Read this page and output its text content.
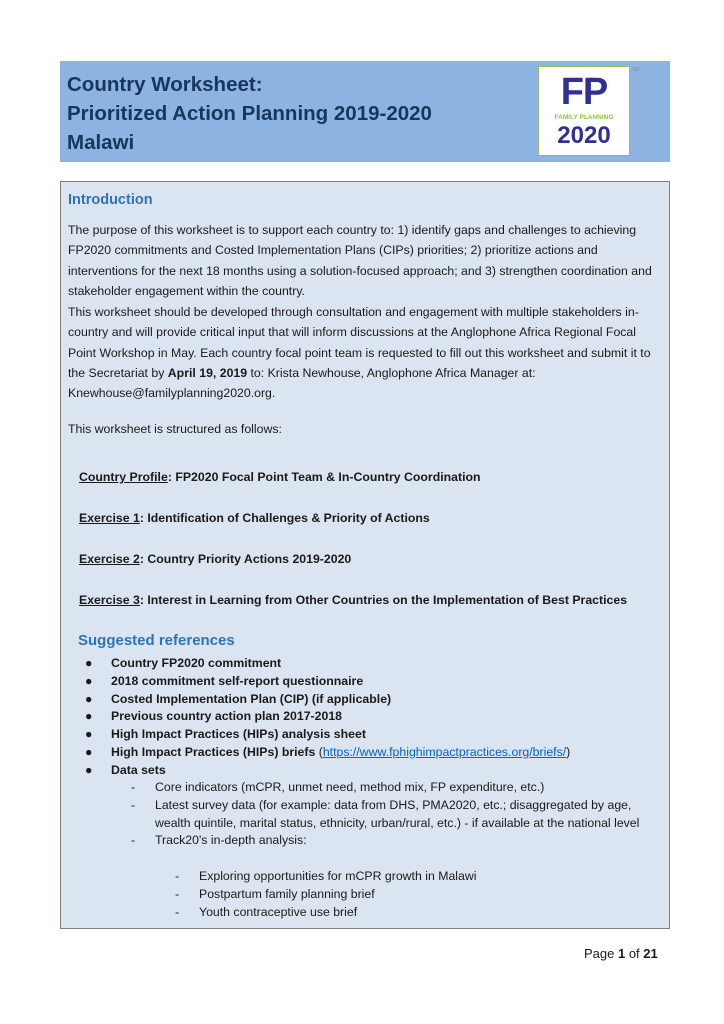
Country Worksheet:
Prioritized Action Planning 2019-2020
Malawi
FP
FAMILY PLANNING
2020
TM
Introduction

The purpose of this worksheet is to support each country to: 1) identify gaps and challenges to achieving FP2020 commitments and Costed Implementation Plans (CIPs) priorities; 2) prioritize actions and interventions for the next 18 months using a solution-focused approach; and 3) strengthen coordination and stakeholder engagement within the country.

This worksheet should be developed through consultation and engagement with multiple stakeholders in-country and will provide critical input that will inform discussions at the Anglophone Africa Regional Focal Point Workshop in May. Each country focal point team is requested to fill out this worksheet and submit it to the Secretariat by April 19, 2019 to: Krista Newhouse, Anglophone Africa Manager at: Knewhouse@familyplanning2020.org.

This worksheet is structured as follows:

Country Profile: FP2020 Focal Point Team & In-Country Coordination
Exercise 1: Identification of Challenges & Priority of Actions
Exercise 2: Country Priority Actions 2019-2020
Exercise 3: Interest in Learning from Other Countries on the Implementation of Best Practices
Suggested references
● Country FP2020 commitment
● 2018 commitment self-report questionnaire
● Costed Implementation Plan (CIP) (if applicable)
● Previous country action plan 2017-2018
● High Impact Practices (HIPs) analysis sheet
● High Impact Practices (HIPs) briefs (https://www.fphighimpactpractices.org/briefs/)
● Data sets
- Core indicators (mCPR, unmet need, method mix, FP expenditure, etc.)
- Latest survey data (for example: data from DHS, PMA2020, etc.; disaggregated by age, wealth quintile, marital status, ethnicity, urban/rural, etc.) - if available at the national level
- Track20's in-depth analysis:
- Exploring opportunities for mCPR growth in Malawi
- Postpartum family planning brief
- Youth contraceptive use brief
Page 1 of 21
